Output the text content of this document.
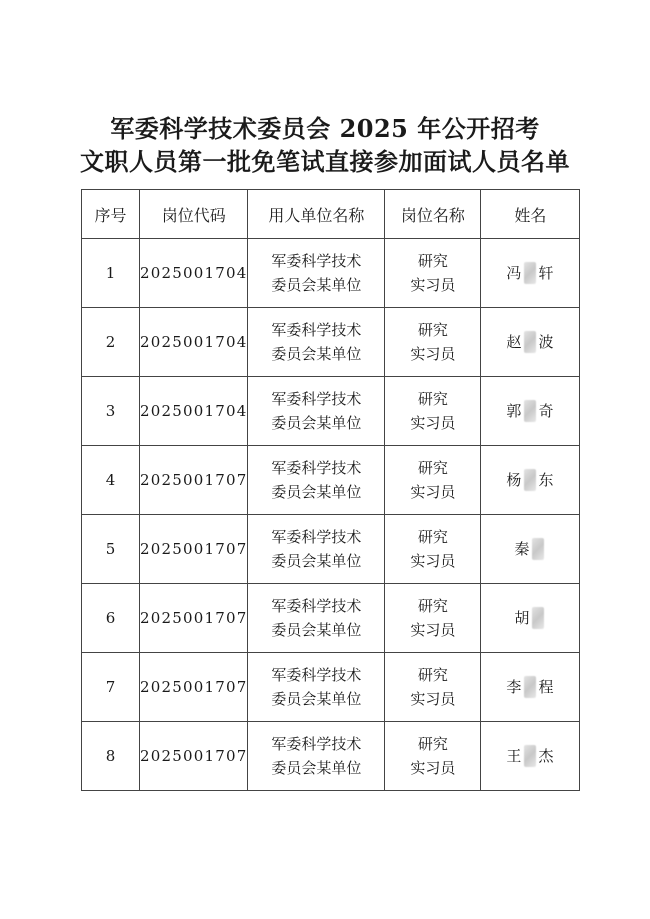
军委科学技术委员会 2025 年公开招考
文职人员第一批免笔试直接参加面试人员名单
序号	岗位代码	用人单位名称	岗位名称	姓名
1	2025001704	军委科学技术
委员会某单位	研究
实习员	冯 轩

2	2025001704	军委科学技术
委员会某单位	研究
实习员	赵 波

3	2025001704	军委科学技术
委员会某单位	研究
实习员	郭 奇

4	2025001707	军委科学技术
委员会某单位	研究
实习员	杨 东

5	2025001707	军委科学技术
委员会某单位	研究
实习员	秦

6	2025001707	军委科学技术
委员会某单位	研究
实习员	胡

7	2025001707	军委科学技术
委员会某单位	研究
实习员	李 程

8	2025001707	军委科学技术
委员会某单位	研究
实习员	王 杰
